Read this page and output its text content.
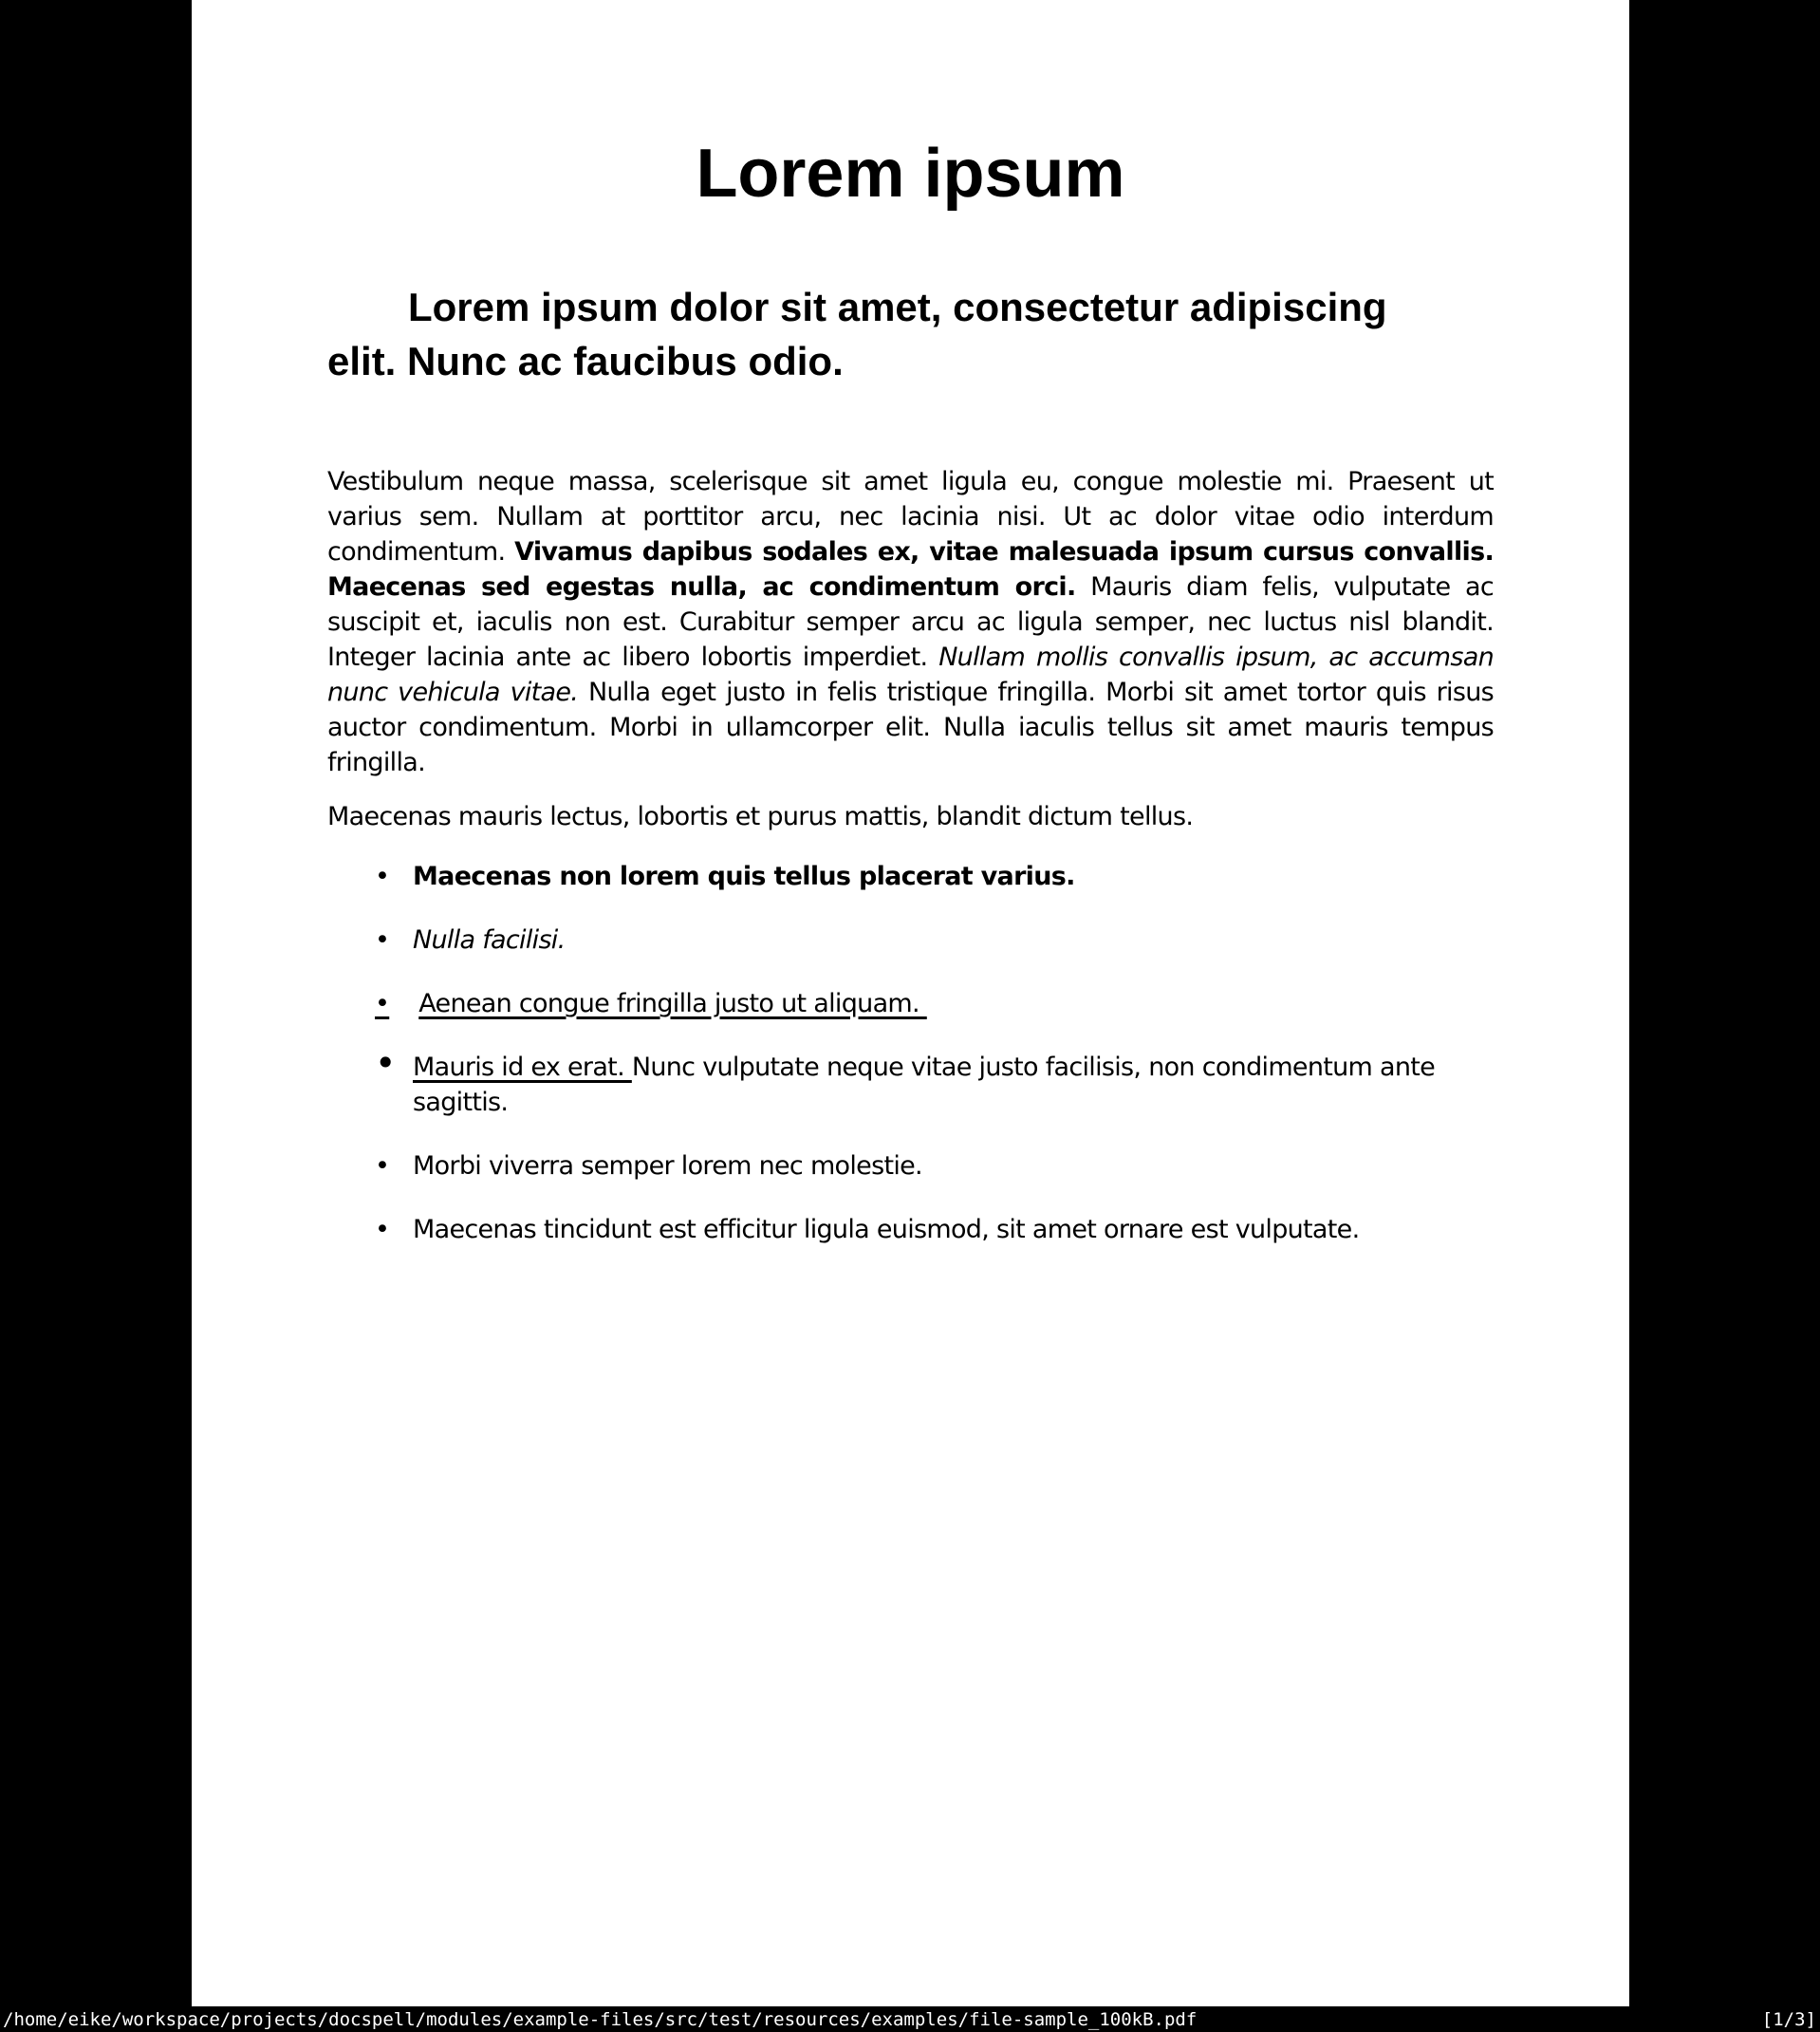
Lorem ipsum
Lorem ipsum dolor sit amet, consectetur adipiscing
elit. Nunc ac faucibus odio.

Vestibulum neque massa, scelerisque sit amet ligula eu, congue molestie mi. Praesent ut varius sem. Nullam at porttitor arcu, nec lacinia nisi. Ut ac dolor vitae odio interdum condimentum. Vivamus dapibus sodales ex, vitae malesuada ipsum cursus convallis. Maecenas sed egestas nulla, ac condimentum orci. Mauris diam felis, vulputate ac suscipit et, iaculis non est. Curabitur semper arcu ac ligula semper, nec luctus nisl blandit. Integer lacinia ante ac libero lobortis imperdiet. Nullam mollis convallis ipsum, ac accumsan nunc vehicula vitae. Nulla eget justo in felis tristique fringilla. Morbi sit amet tortor quis risus auctor condimentum. Morbi in ullamcorper elit. Nulla iaculis tellus sit amet mauris tempus fringilla.

Maecenas mauris lectus, lobortis et purus mattis, blandit dictum tellus.

• Maecenas non lorem quis tellus placerat varius.
• Nulla facilisi.
• Aenean congue fringilla justo ut aliquam.
• Mauris id ex erat. Nunc vulputate neque vitae justo facilisis, non condimentum ante sagittis.
• Morbi viverra semper lorem nec molestie.
• Maecenas tincidunt est efficitur ligula euismod, sit amet ornare est vulputate.
/home/eike/workspace/projects/docspell/modules/example-files/src/test/resources/examples/file-sample_100kB.pdf	[1/3]
